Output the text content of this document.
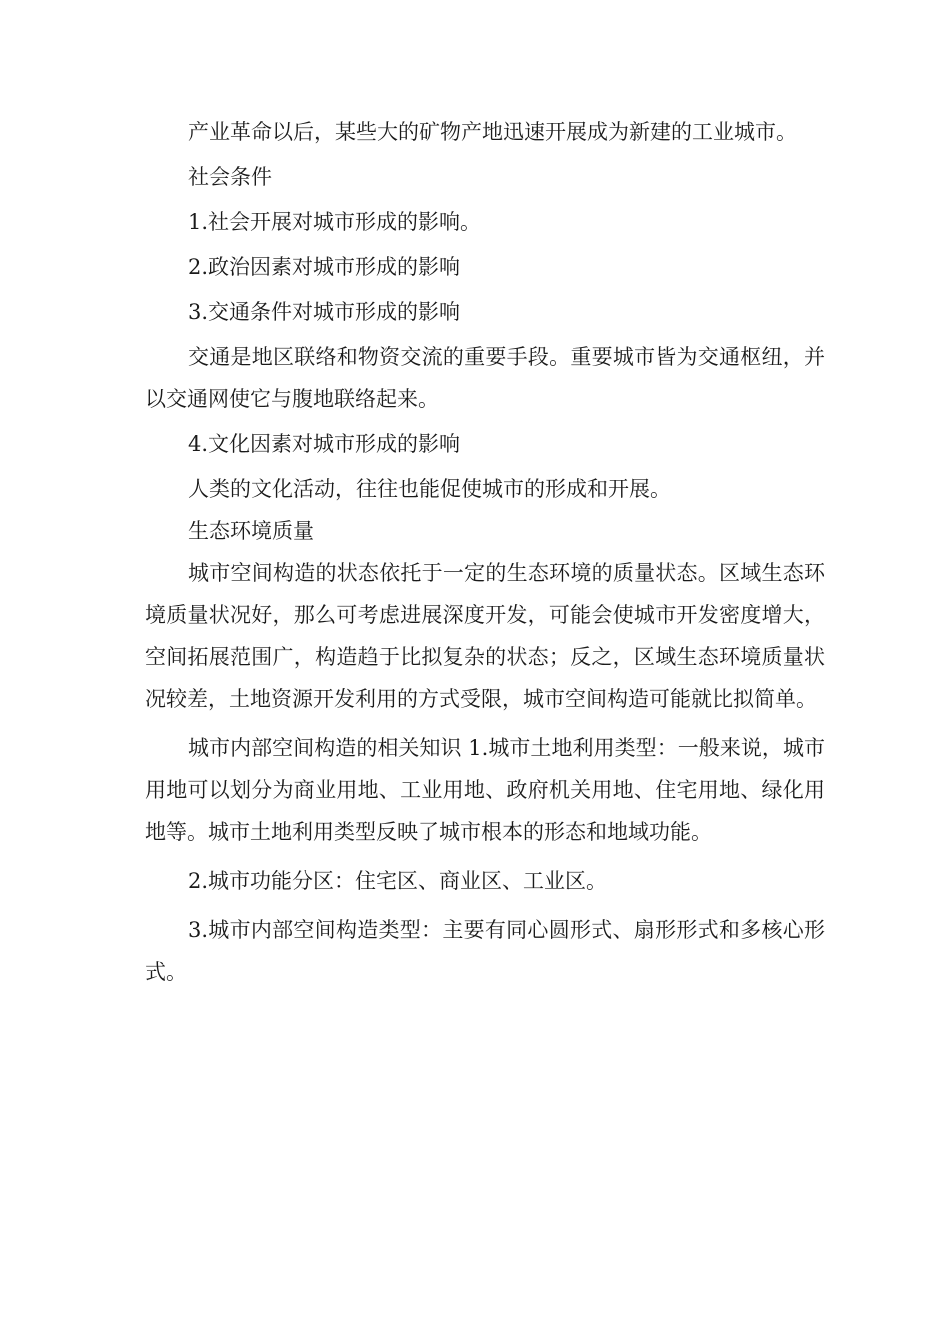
产业革命以后，某些大的矿物产地迅速开展成为新建的工业城市。

社会条件

1.社会开展对城市形成的影响。

2.政治因素对城市形成的影响

3.交通条件对城市形成的影响

交通是地区联络和物资交流的重要手段。重要城市皆为交通枢纽，并以交通网使它与腹地联络起来。

4.文化因素对城市形成的影响

人类的文化活动，往往也能促使城市的形成和开展。

生态环境质量

城市空间构造的状态依托于一定的生态环境的质量状态。区域生态环境质量状况好，那么可考虑进展深度开发，可能会使城市开发密度增大，空间拓展范围广，构造趋于比拟复杂的状态；反之，区域生态环境质量状况较差，土地资源开发利用的方式受限，城市空间构造可能就比拟简单。

城市内部空间构造的相关知识 1.城市土地利用类型：一般来说，城市用地可以划分为商业用地、工业用地、政府机关用地、住宅用地、绿化用地等。城市土地利用类型反映了城市根本的形态和地域功能。

2.城市功能分区：住宅区、商业区、工业区。

3.城市内部空间构造类型：主要有同心圆形式、扇形形式和多核心形式。
